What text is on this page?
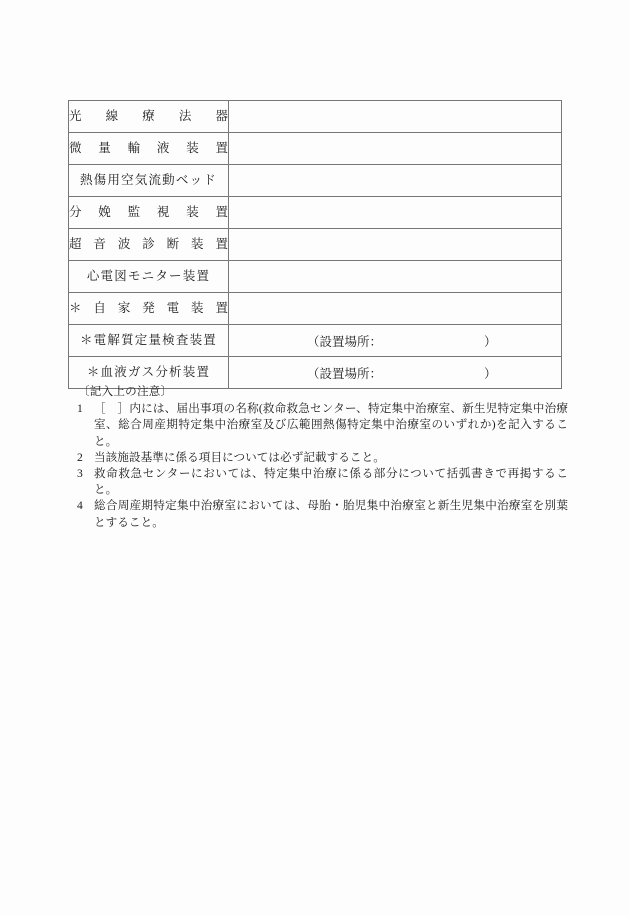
光 線 療 法 器	

微 量 輸 液 装 置

熱傷用空気流動ベッド	

分 娩 監 視 装 置

超 音 波 診 断 装 置

心電図モニター装置	

＊ 自 家 発 電 装 置

＊電解質定量検査装置	（設置場所： ）

＊血液ガス分析装置	（設置場所： ）
〔記入上の注意〕
1 ［　］内には、届出事項の名称(救命救急センター、特定集中治療室、新生児特定集中治療室、総合周産期特定集中治療室及び広範囲熱傷特定集中治療室のいずれか)を記入すること。
2 当該施設基準に係る項目については必ず記載すること。
3 救命救急センターにおいては、特定集中治療に係る部分について括弧書きで再掲すること。
4 総合周産期特定集中治療室においては、母胎・胎児集中治療室と新生児集中治療室を別葉とすること。
